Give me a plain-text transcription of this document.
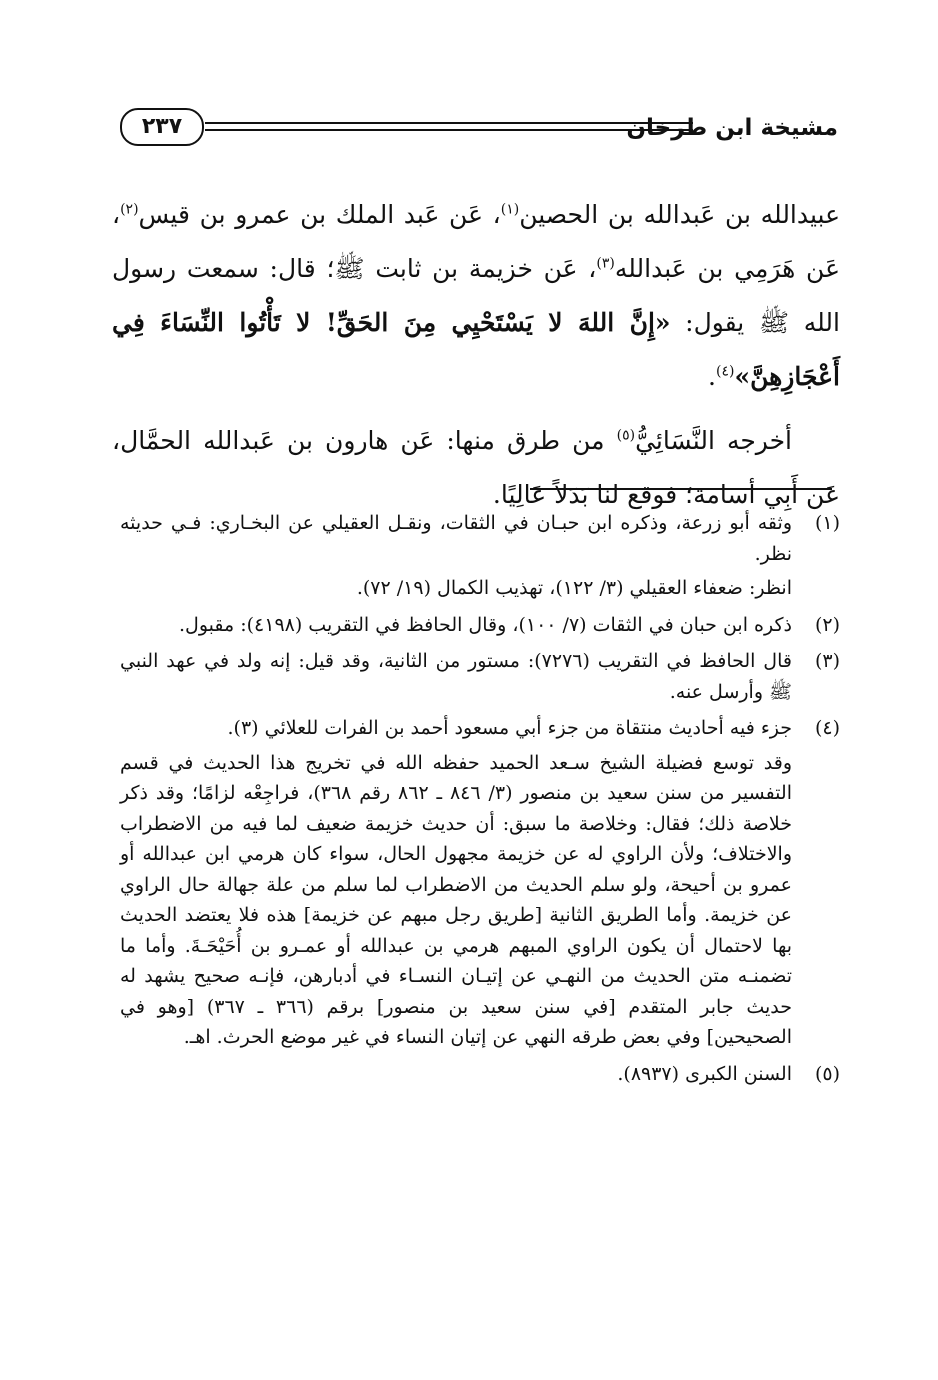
مشيخة ابن طرخان
٢٣٧

عبيدالله بن عَبدالله بن الحصين$^{(١)}$، عَن عَبد الملك بن عمرو بن قيس$^{(٢)}$، عَن هَرَمِي بن عَبدالله$^{(٣)}$، عَن خزيمة بن ثابت ﷺ؛ قال: سمعت رسول الله ﷺ يقول: «إِنَّ اللهَ لا يَسْتَحْيِي مِنَ الحَقِّ! لا تَأْتُوا النِّسَاءَ فِي أَعْجَازِهِنَّ»$^{(٤)}$.

أخرجه النَّسَائِيُّ$^{(٥)}$ من طرق منها: عَن هارون بن عَبدالله الحمَّال، عَن أَبِي أسامة؛ فوقع لنا بَدَلاً عَالِيًا.

(١)

وثقه أبو زرعة، وذكره ابن حبـان في الثقات، ونقـل العقيلي عن البخـاري: فـي حديثه نظر.

انظر: ضعفاء العقيلي (٣/ ١٢٢)، تهذيب الكمال (١٩/ ٧٢).

(٢)

ذكره ابن حبان في الثقات (٧/ ١٠٠)، وقال الحافظ في التقريب (٤١٩٨): مقبول.

(٣)

قال الحافظ في التقريب (٧٢٧٦): مستور من الثانية، وقد قيل: إنه ولد في عهد النبي ﷺ وأرسل عنه.

(٤)

جزء فيه أحاديث منتقاة من جزء أبي مسعود أحمد بن الفرات للعلائي (٣).

وقد توسع فضيلة الشيخ سـعد الحميد حفظه الله في تخريج هذا الحديث في قسم التفسير من سنن سعيد بن منصور (٣/ ٨٤٦ ـ ٨٦٢ رقم ٣٦٨)، فراجِعْه لزامًا؛ وقد ذكر خلاصة ذلك؛ فقال: وخلاصة ما سبق: أن حديث خزيمة ضعيف لما فيه من الاضطراب والاختلاف؛ ولأن الراوي له عن خزيمة مجهول الحال، سواء كان هرمي ابن عبدالله أو عمرو بن أحيحة، ولو سلم الحديث من الاضطراب لما سلم من علة جهالة حال الراوي عن خزيمة. وأما الطريق الثانية [طريق رجل مبهم عن خزيمة] هذه فلا يعتضد الحديث بها لاحتمال أن يكون الراوي المبهم هرمي بن عبدالله أو عمـرو بن أُحَيْحَـةَ. وأما ما تضمنـه متن الحديث من النهـي عن إتيـان النسـاء في أدبارهن، فإنـه صحيح يشهد له حديث جابر المتقدم [في سنن سعيد بن منصور] برقم (٣٦٦ ـ ٣٦٧) [وهو في الصحيحين] وفي بعض طرقه النهي عن إتيان النساء في غير موضع الحرث. اهـ.

(٥)

السنن الكبرى (٨٩٣٧).
